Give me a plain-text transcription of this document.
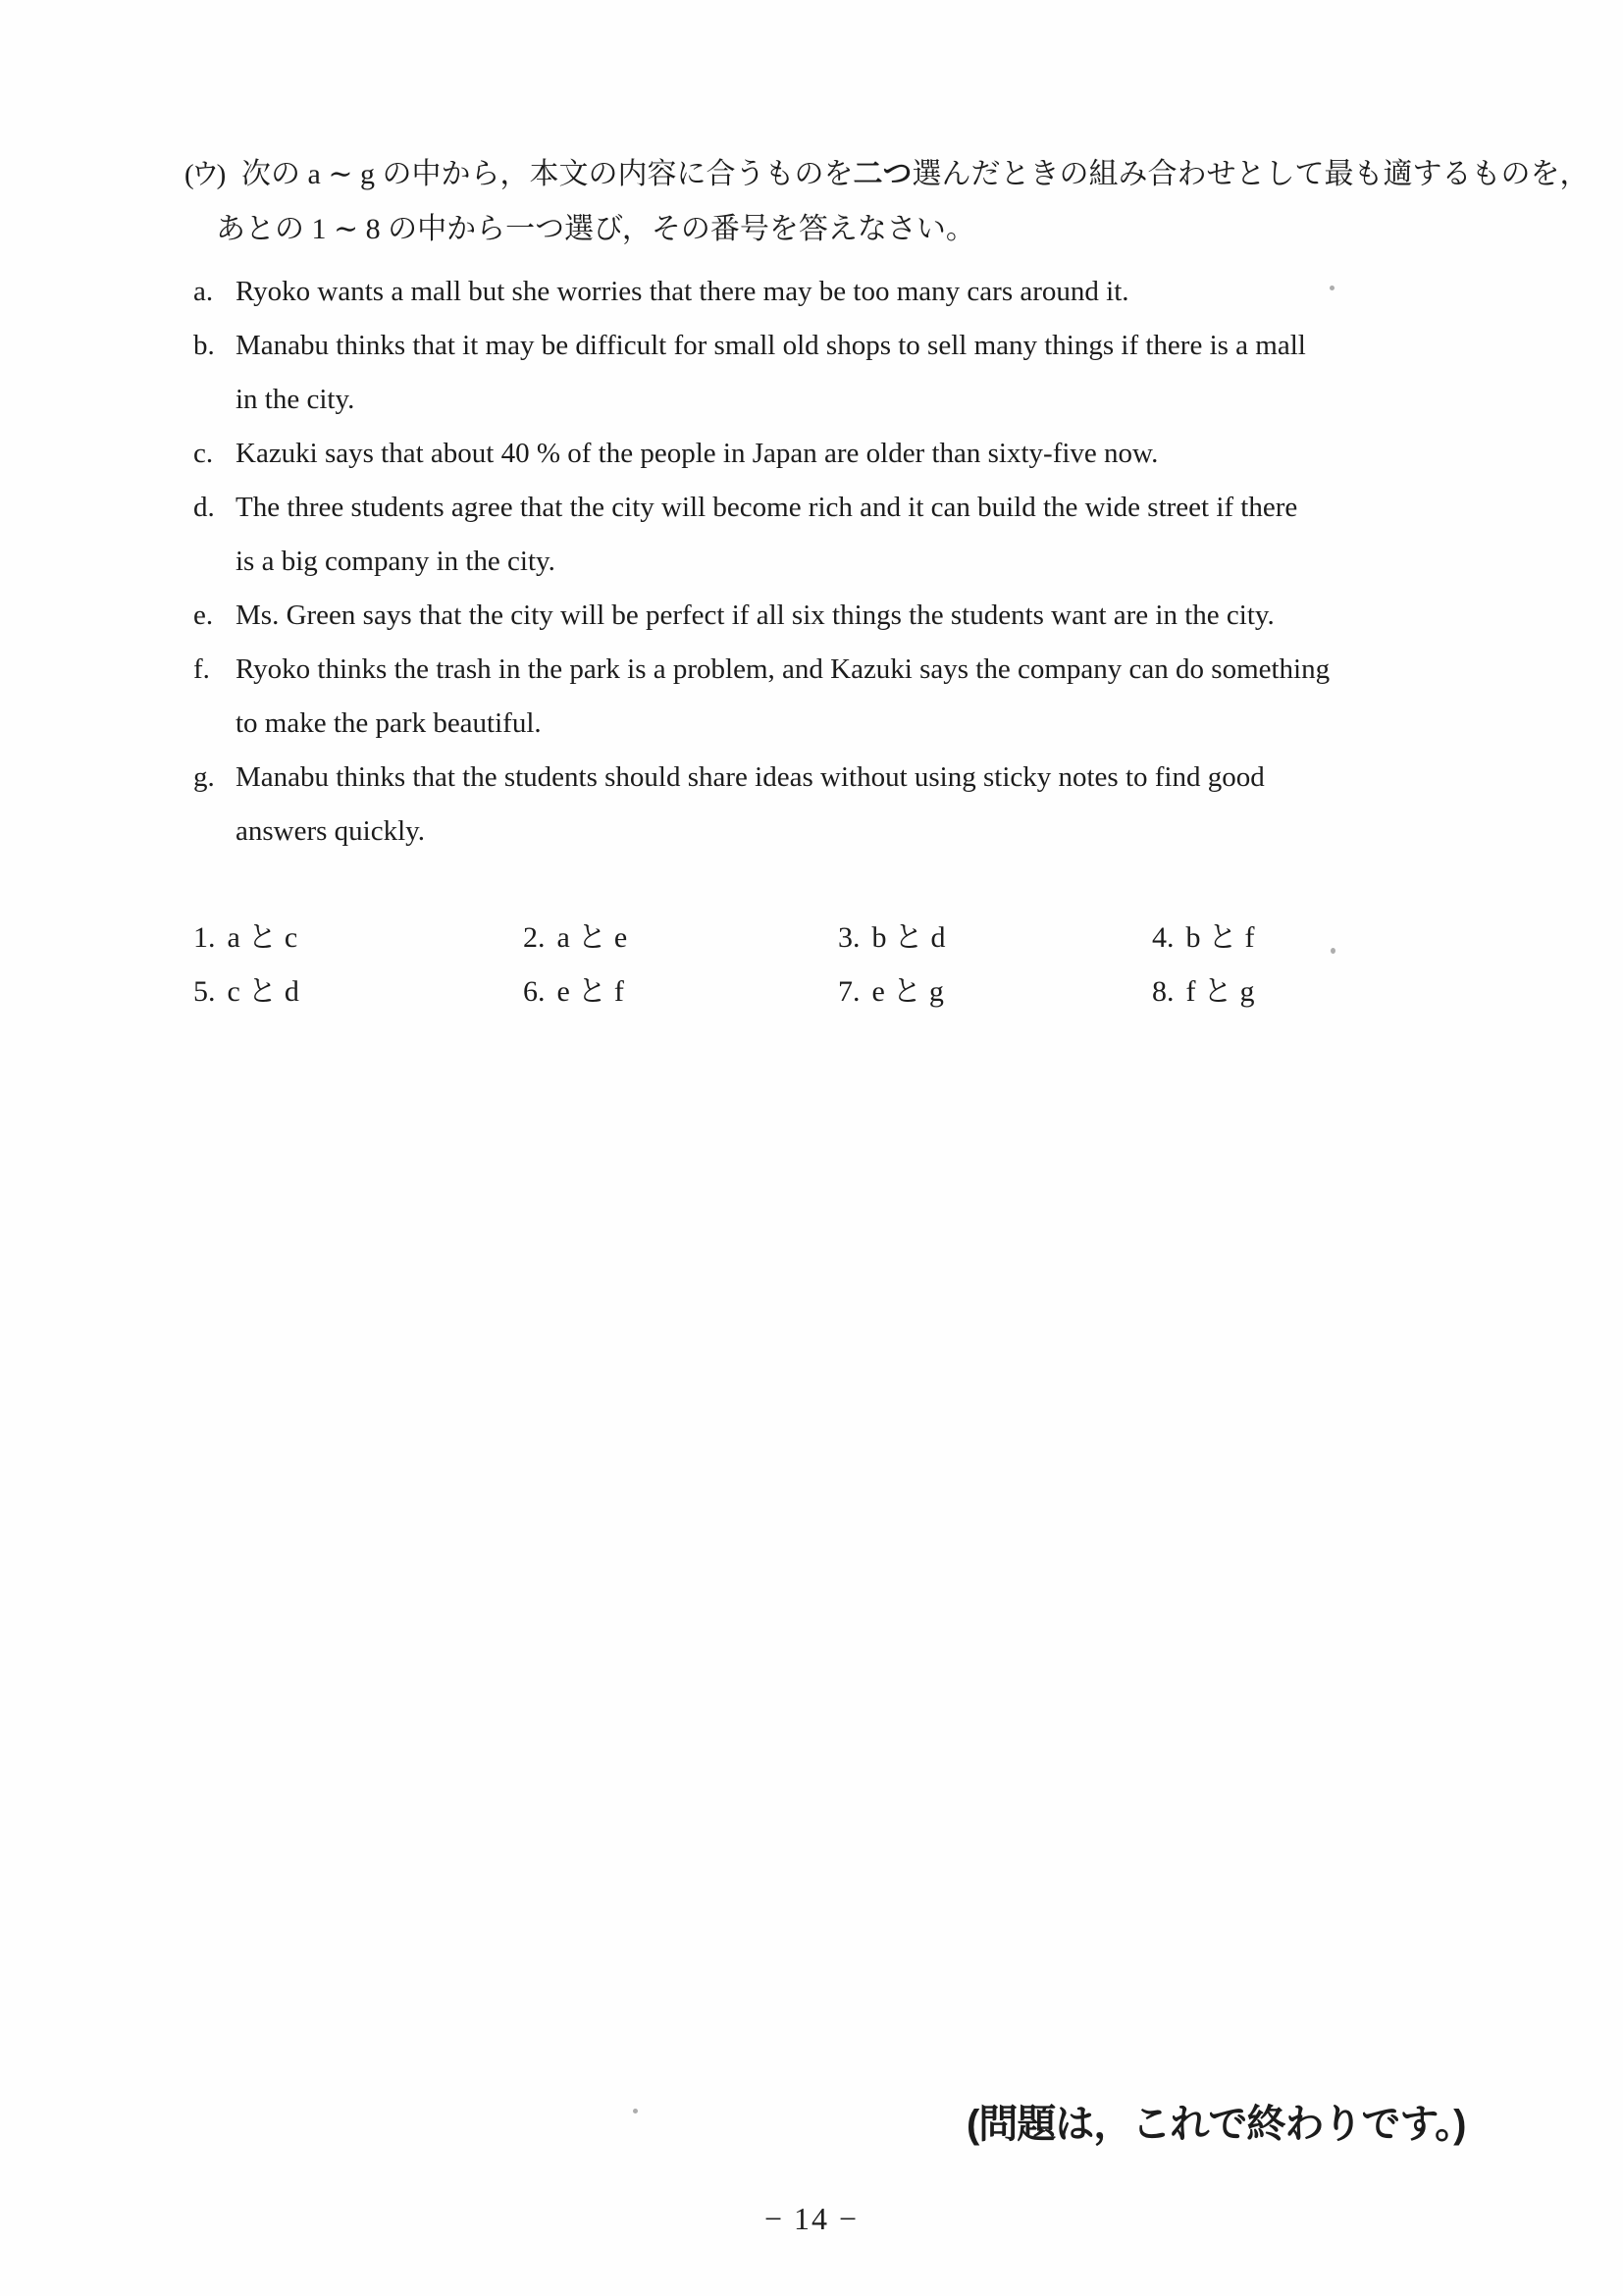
(ウ) 次の a ∼ g の中から，本文の内容に合うものを二つ選んだときの組み合わせとして最も適するものを，
あとの 1 ∼ 8 の中から一つ選び，その番号を答えなさい。
a. Ryoko wants a mall but she worries that there may be too many cars around it.
b. Manabu thinks that it may be difficult for small old shops to sell many things if there is a mall
in the city.
c. Kazuki says that about 40 % of the people in Japan are older than sixty-five now.
d. The three students agree that the city will become rich and it can build the wide street if there
is a big company in the city.
e. Ms. Green says that the city will be perfect if all six things the students want are in the city.
f. Ryoko thinks the trash in the park is a problem, and Kazuki says the company can do something
to make the park beautiful.
g. Manabu thinks that the students should share ideas without using sticky notes to find good
answers quickly.
1. a と c	2. a と e	3. b と d	4. b と f
5. c と d	6. e と f	7. e と g	8. f と g
(問題は，これで終わりです。)
− 14 −
